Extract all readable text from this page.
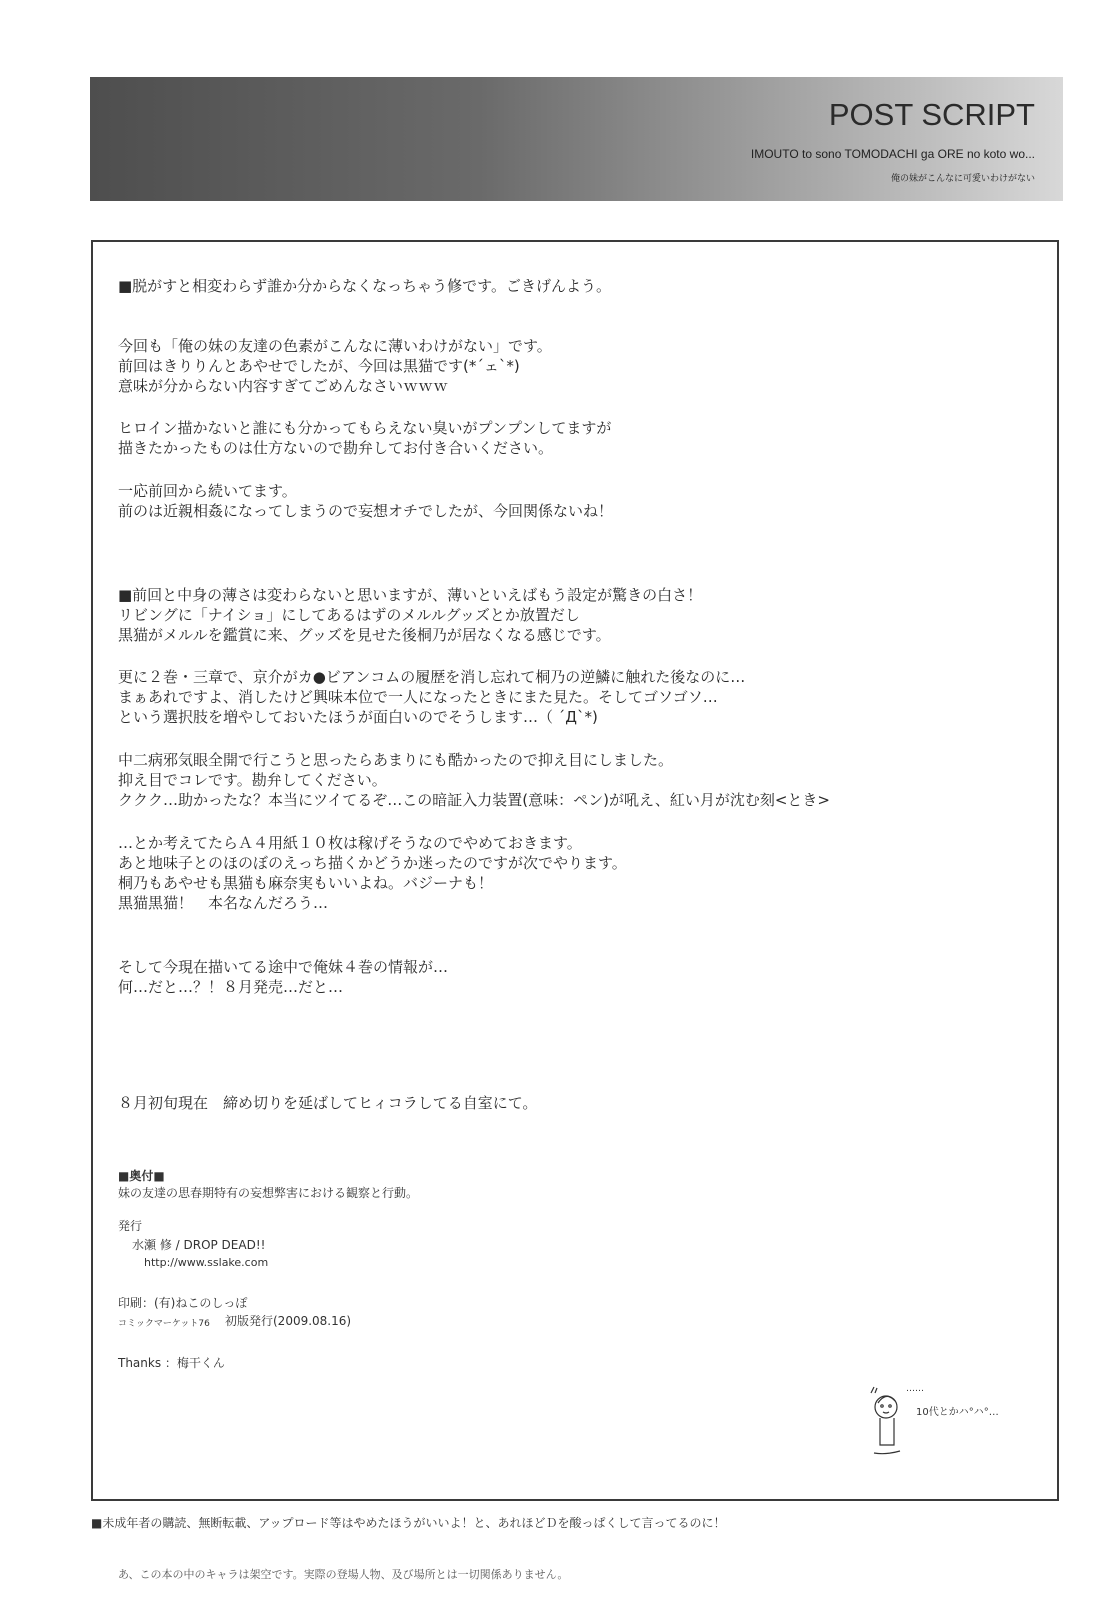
POST SCRIPT
IMOUTO to sono TOMODACHI ga ORE no koto wo...
俺の妹がこんなに可愛いわけがない
■脱がすと相変わらず誰か分からなくなっちゃう修です。ごきげんよう。
今回も「俺の妹の友達の色素がこんなに薄いわけがない」です。
前回はきりりんとあやせでしたが、今回は黒猫です(*´ェ`*)
意味が分からない内容すぎてごめんなさいｗｗｗ
ヒロイン描かないと誰にも分かってもらえない臭いがプンプンしてますが
描きたかったものは仕方ないので勘弁してお付き合いください。
一応前回から続いてます。
前のは近親相姦になってしまうので妄想オチでしたが、今回関係ないね！
■前回と中身の薄さは変わらないと思いますが、薄いといえばもう設定が驚きの白さ！
リビングに「ナイショ」にしてあるはずのメルルグッズとか放置だし
黒猫がメルルを鑑賞に来、グッズを見せた後桐乃が居なくなる感じです。
更に２巻・三章で、京介がカ●ビアンコムの履歴を消し忘れて桐乃の逆鱗に触れた後なのに…
まぁあれですよ、消したけど興味本位で一人になったときにまた見た。そしてゴソゴソ…
という選択肢を増やしておいたほうが面白いのでそうします…（ ´Д`*)
中二病邪気眼全開で行こうと思ったらあまりにも酷かったので抑え目にしました。
抑え目でコレです。勘弁してください。
ククク…助かったな？本当にツイてるぞ…この暗証入力装置(意味：ペン)が吼え、紅い月が沈む刻<とき>
…とか考えてたらＡ４用紙１０枚は稼げそうなのでやめておきます。
あと地味子とのほのぼのえっち描くかどうか迷ったのですが次でやります。
桐乃もあやせも黒猫も麻奈実もいいよね。バジーナも！
黒猫黒猫！　本名なんだろう…
そして今現在描いてる途中で俺妹４巻の情報が…
何…だと…？！８月発売…だと…
８月初旬現在　締め切りを延ばしてヒィコラしてる自室にて。
■奥付■
妹の友達の思春期特有の妄想弊害における観察と行動。
発行
水瀬 修 / DROP DEAD!!
http://www.sslake.com
印刷：(有)ねこのしっぽ
コミックマーケット76 初版発行(2009.08.16)
Thanks ：梅干くん
……
10代とかハ°ハ°…
■未成年者の購読、無断転載、アップロード等はやめたほうがいいよ！と、あれほどＤを酸っぱくして言ってるのに！
あ、この本の中のキャラは架空です。実際の登場人物、及び場所とは一切関係ありません。
